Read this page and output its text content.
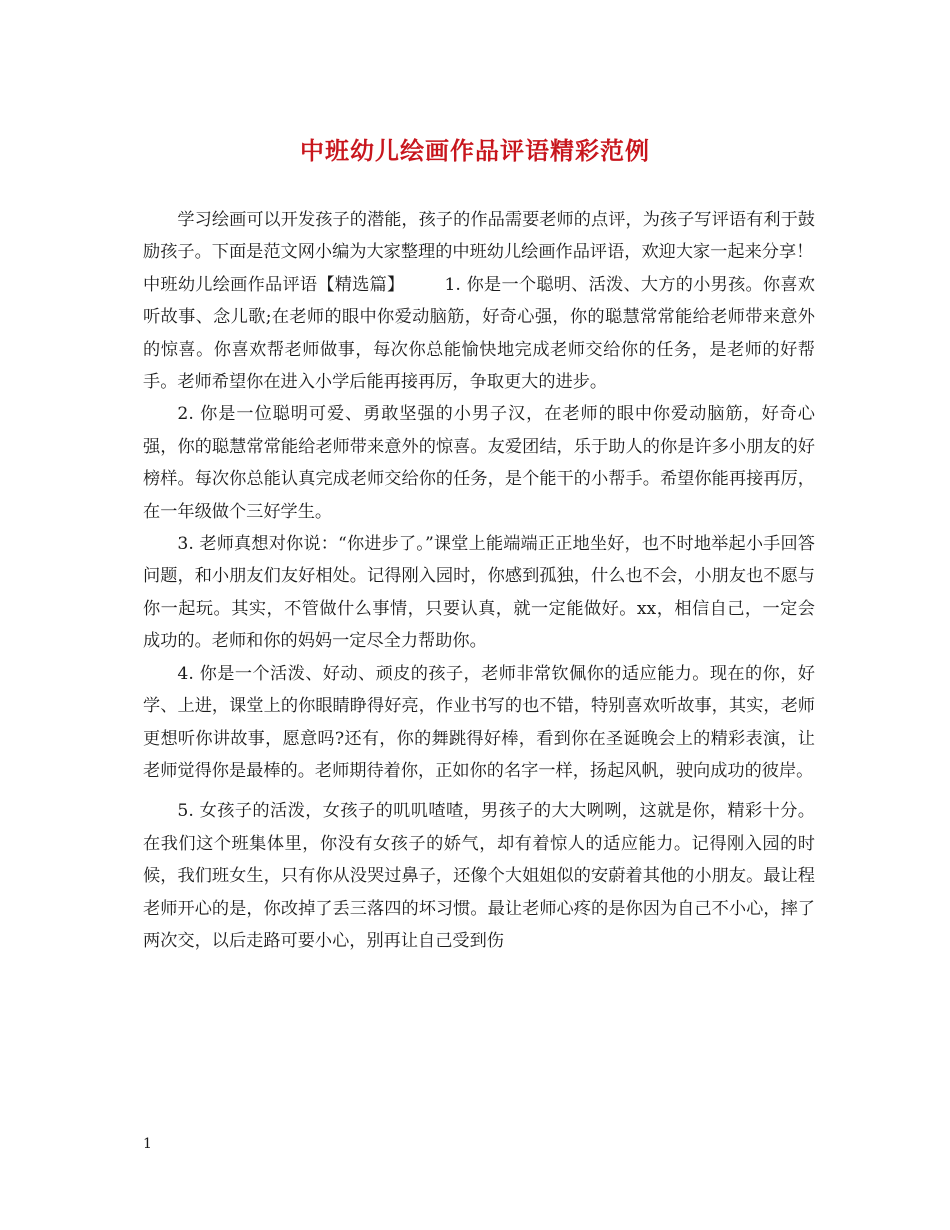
中班幼儿绘画作品评语精彩范例

学习绘画可以开发孩子的潜能，孩子的作品需要老师的点评，为孩子写评语有利于鼓励孩子。下面是范文网小编为大家整理的中班幼儿绘画作品评语，欢迎大家一起来分享！

中班幼儿绘画作品评语【精选篇】 1. 你是一个聪明、活泼、大方的小男孩。你喜欢听故事、念儿歌;在老师的眼中你爱动脑筋，好奇心强，你的聪慧常常能给老师带来意外的惊喜。你喜欢帮老师做事，每次你总能愉快地完成老师交给你的任务，是老师的好帮手。老师希望你在进入小学后能再接再厉，争取更大的进步。

2. 你是一位聪明可爱、勇敢坚强的小男子汉，在老师的眼中你爱动脑筋，好奇心强，你的聪慧常常能给老师带来意外的惊喜。友爱团结，乐于助人的你是许多小朋友的好榜样。每次你总能认真完成老师交给你的任务，是个能干的小帮手。希望你能再接再厉，在一年级做个三好学生。

3. 老师真想对你说：“你进步了。”课堂上能端端正正地坐好，也不时地举起小手回答问题，和小朋友们友好相处。记得刚入园时，你感到孤独，什么也不会，小朋友也不愿与你一起玩。其实，不管做什么事情，只要认真，就一定能做好。xx，相信自己，一定会成功的。老师和你的妈妈一定尽全力帮助你。

4. 你是一个活泼、好动、顽皮的孩子，老师非常钦佩你的适应能力。现在的你，好学、上进，课堂上的你眼睛睁得好亮，作业书写的也不错，特别喜欢听故事，其实，老师更想听你讲故事，愿意吗?还有，你的舞跳得好棒，看到你在圣诞晚会上的精彩表演，让老师觉得你是最棒的。老师期待着你，正如你的名字一样，扬起风帆，驶向成功的彼岸。

5. 女孩子的活泼，女孩子的叽叽喳喳，男孩子的大大咧咧，这就是你，精彩十分。在我们这个班集体里，你没有女孩子的娇气，却有着惊人的适应能力。记得刚入园的时候，我们班女生，只有你从没哭过鼻子，还像个大姐姐似的安蔚着其他的小朋友。最让程老师开心的是，你改掉了丢三落四的坏习惯。最让老师心疼的是你因为自己不小心，摔了两次交，以后走路可要小心，别再让自己受到伤

1
